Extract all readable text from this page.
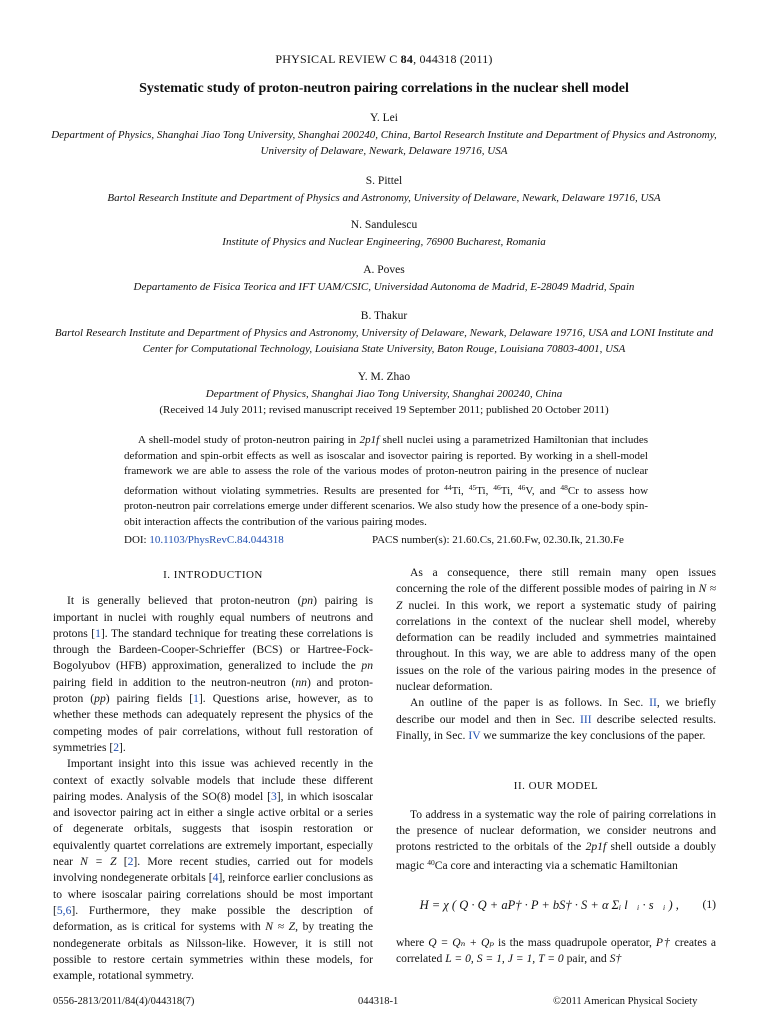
PHYSICAL REVIEW C 84, 044318 (2011)
Systematic study of proton-neutron pairing correlations in the nuclear shell model
Y. Lei
Department of Physics, Shanghai Jiao Tong University, Shanghai 200240, China, Bartol Research Institute and Department of Physics and Astronomy, University of Delaware, Newark, Delaware 19716, USA
S. Pittel
Bartol Research Institute and Department of Physics and Astronomy, University of Delaware, Newark, Delaware 19716, USA
N. Sandulescu
Institute of Physics and Nuclear Engineering, 76900 Bucharest, Romania
A. Poves
Departamento de Fisica Teorica and IFT UAM/CSIC, Universidad Autonoma de Madrid, E-28049 Madrid, Spain
B. Thakur
Bartol Research Institute and Department of Physics and Astronomy, University of Delaware, Newark, Delaware 19716, USA and LONI Institute and Center for Computational Technology, Louisiana State University, Baton Rouge, Louisiana 70803-4001, USA
Y. M. Zhao
Department of Physics, Shanghai Jiao Tong University, Shanghai 200240, China
(Received 14 July 2011; revised manuscript received 19 September 2011; published 20 October 2011)
A shell-model study of proton-neutron pairing in 2p1f shell nuclei using a parametrized Hamiltonian that includes deformation and spin-orbit effects as well as isoscalar and isovector pairing is reported. By working in a shell-model framework we are able to assess the role of the various modes of proton-neutron pairing in the presence of nuclear deformation without violating symmetries. Results are presented for $^{44}$Ti, $^{45}$Ti, $^{46}$Ti, $^{46}$V, and $^{48}$Cr to assess how proton-neutron pair correlations emerge under different scenarios. We also study how the presence of a one-body spin-obit interaction affects the contribution of the various pairing modes.
DOI: 10.1103/PhysRevC.84.044318	PACS number(s): 21.60.Cs, 21.60.Fw, 02.30.Ik, 21.30.Fe
I. INTRODUCTION

It is generally believed that proton-neutron (pn) pairing is important in nuclei with roughly equal numbers of neutrons and protons [1]. The standard technique for treating these correlations is through the Bardeen-Cooper-Schrieffer (BCS) or Hartree-Fock-Bogolyubov (HFB) approximation, generalized to include the pn pairing field in addition to the neutron-neutron (nn) and proton-proton (pp) pairing fields [1]. Questions arise, however, as to whether these methods can adequately represent the physics of the competing modes of pair correlations, without full restoration of symmetries [2].

Important insight into this issue was achieved recently in the context of exactly solvable models that include these different pairing modes. Analysis of the SO(8) model [3], in which isoscalar and isovector pairing act in either a single active orbital or a series of degenerate orbitals, suggests that isospin restoration or equivalently quartet correlations are extremely important, especially near N = Z [2]. More recent studies, carried out for models involving nondegenerate orbitals [4], reinforce earlier conclusions as to where isoscalar pairing correlations should be most important [5,6]. Furthermore, they make possible the description of deformation, as is critical for systems with N ≈ Z, by treating the nondegenerate orbitals as Nilsson-like. However, it is still not possible to restore certain symmetries within these models, for example, rotational symmetry.

As a consequence, there still remain many open issues concerning the role of the different possible modes of pairing in N ≈ Z nuclei. In this work, we report a systematic study of pairing correlations in the context of the nuclear shell model, whereby deformation can be readily included and symmetries maintained throughout. In this way, we are able to address many of the open issues on the role of the various pairing modes in the presence of nuclear deformation.

An outline of the paper is as follows. In Sec. II, we briefly describe our model and then in Sec. III describe selected results. Finally, in Sec. IV we summarize the key conclusions of the paper.

II. OUR MODEL

To address in a systematic way the role of pairing correlations in the presence of nuclear deformation, we consider neutrons and protons restricted to the orbitals of the 2p1f shell outside a doubly magic $^{40}$Ca core and interacting via a schematic Hamiltonian

H = χ ( Q · Q + aP† · P + bS† · S + α Σᵢ l⃗ᵢ · s⃗ᵢ ) ,	(1)

where Q = Qₙ + Qₚ is the mass quadrupole operator, P† creates a correlated L = 0, S = 1, J = 1, T = 0 pair, and S†

0556-2813/2011/84(4)/044318(7)	044318-1	©2011 American Physical Society
